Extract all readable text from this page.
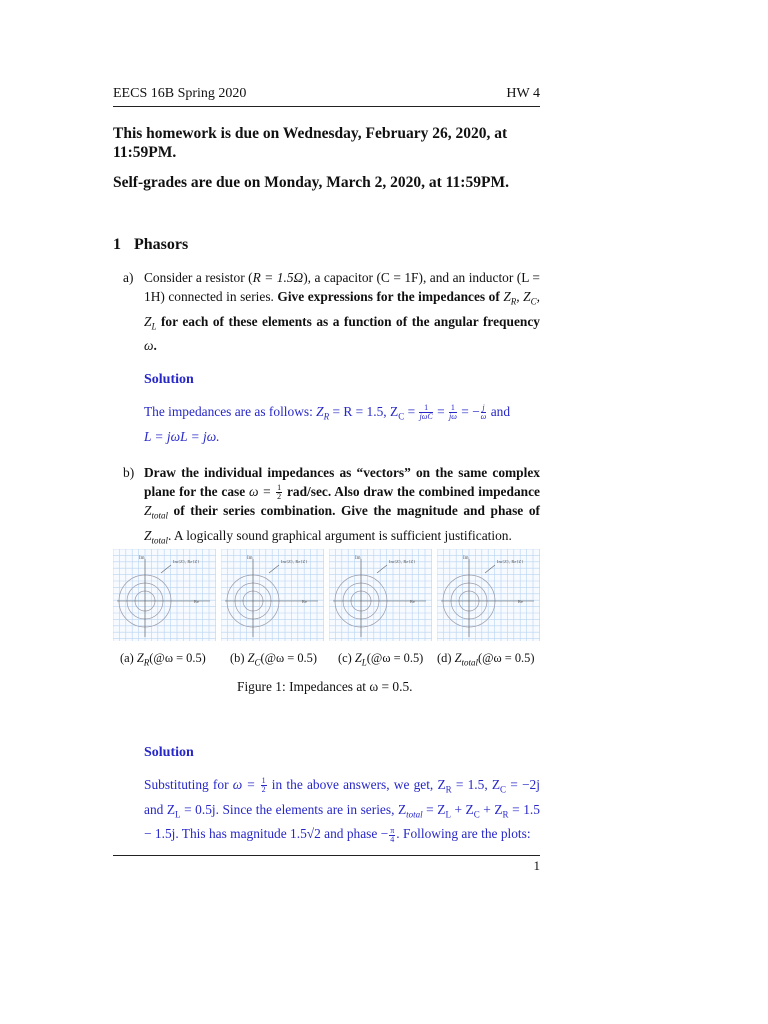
EECS 16B Spring 2020	HW 4

This homework is due on Wednesday, February 26, 2020, at 11:59PM.

Self-grades are due on Monday, March 2, 2020, at 11:59PM.

1 Phasors
a) Consider a resistor (R = 1.5Ω), a capacitor (C = 1F), and an inductor (L = 1H) connected in series. Give expressions for the impedances of $Z_R$, $Z_C$, $Z_L$ for each of these elements as a function of the angular frequency ω.

Solution

The impedances are as follows: $Z_R = R = 1.5$, $Z_C = \frac{1}{\text{jωC}} = \frac{1}{j\omega}$ = − $\frac{j}{\omega}$ and
L = jωL = jω.

b) Draw the individual impedances as “vectors” on the same complex plane for the case $\omega = \frac{1}{2} rad/\sec$. Also draw the combined impedance $Z_{total}$ of their series combination. Give the magnitude and phase of $Z_{total}$. A logically sound graphical argument is sufficient justification.

Im
Im{Z}, Re{Z}
Re
Im
Im{Z}, Re{Z}
Re
Im
Im{Z}, Re{Z}
Re
Im
Im{Z}, Re{Z}
Re
(a) $Z_R(@\omega = 0.5)$ (b) $Z_C(@\omega = 0.5)$ (c) $Z_L(@\omega = 0.5)$ (d) $Z_{total}(@\omega = 0.5)$
Figure 1: Impedances at ω = 0.5.
Solution

Substituting for $\omega = \frac{1}{2}$ in the above answers, we get, $Z_R = 1.5$, $Z_C = -2j$ and $Z_L = 0.5j$. Since the elements are in series, $Z_{total} = Z_L + Z_C + Z_R = 1.5 - 1.5j$. This has magnitude 1.5√2 and phase − $\frac{\pi}{4}$ . Following are the plots:

1
